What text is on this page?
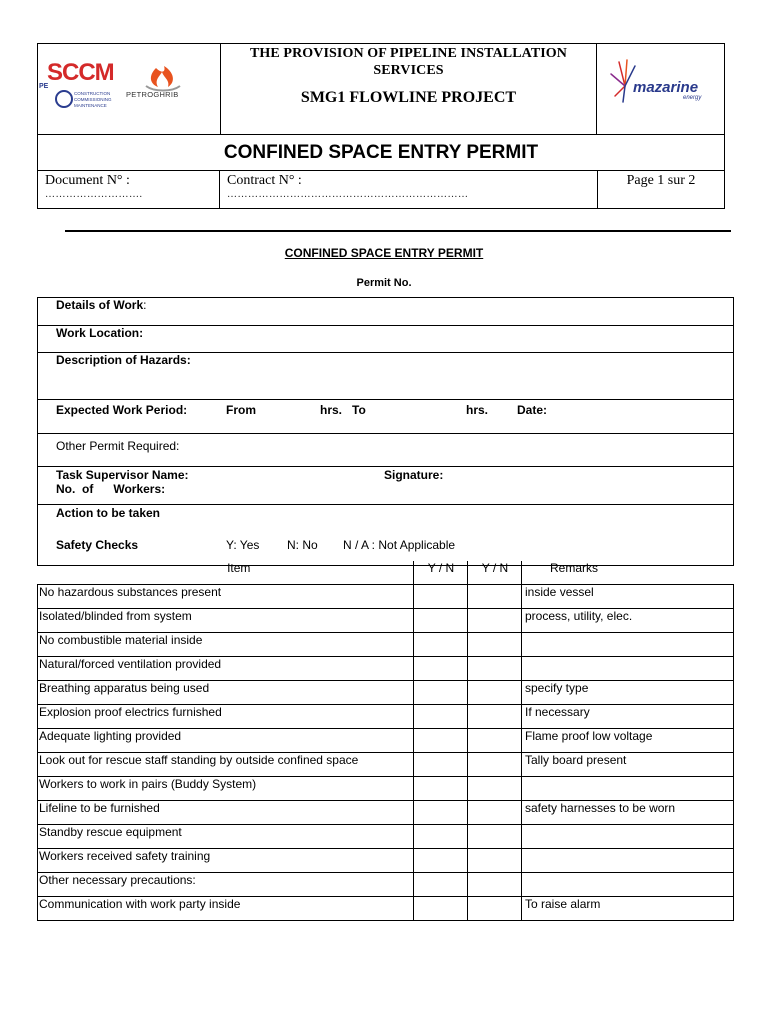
PE
SCCM
CONSTRUCTION
COMMISSIONING
MAINTENANCE
PETROGHRIB
THE PROVISION OF PIPELINE INSTALLATION SERVICES
SMG1 FLOWLINE PROJECT
mazarine
energy
CONFINED SPACE ENTRY PERMIT
Document N° :
……………………….
Contract N° :
……………………………………………………………
Page 1 sur 2
CONFINED SPACE ENTRY PERMIT
Permit No.
Details of Work:
Work Location:
Description of Hazards:
Expected Work Period:	From	hrs. To	hrs. Date:
Other Permit Required:
Task Supervisor Name:	Signature:
No.  of      Workers:
Action to be taken
Safety Checks	Y: Yes N: No N / A : Not Applicable
Item	Y / N	Y / N	Remarks
No hazardous substances present			inside vessel
Isolated/blinded from system			process, utility, elec.
No combustible material inside			
Natural/forced ventilation provided			
Breathing apparatus being used			specify type
Explosion proof electrics furnished			If necessary
Adequate lighting provided			Flame proof low voltage
Look out for rescue staff standing by outside confined space			Tally board present
Workers to work in pairs (Buddy System)			
Lifeline to be furnished			safety harnesses to be worn
Standby rescue equipment			
Workers received safety training			
Other necessary precautions:			
Communication with work party inside			To raise alarm
